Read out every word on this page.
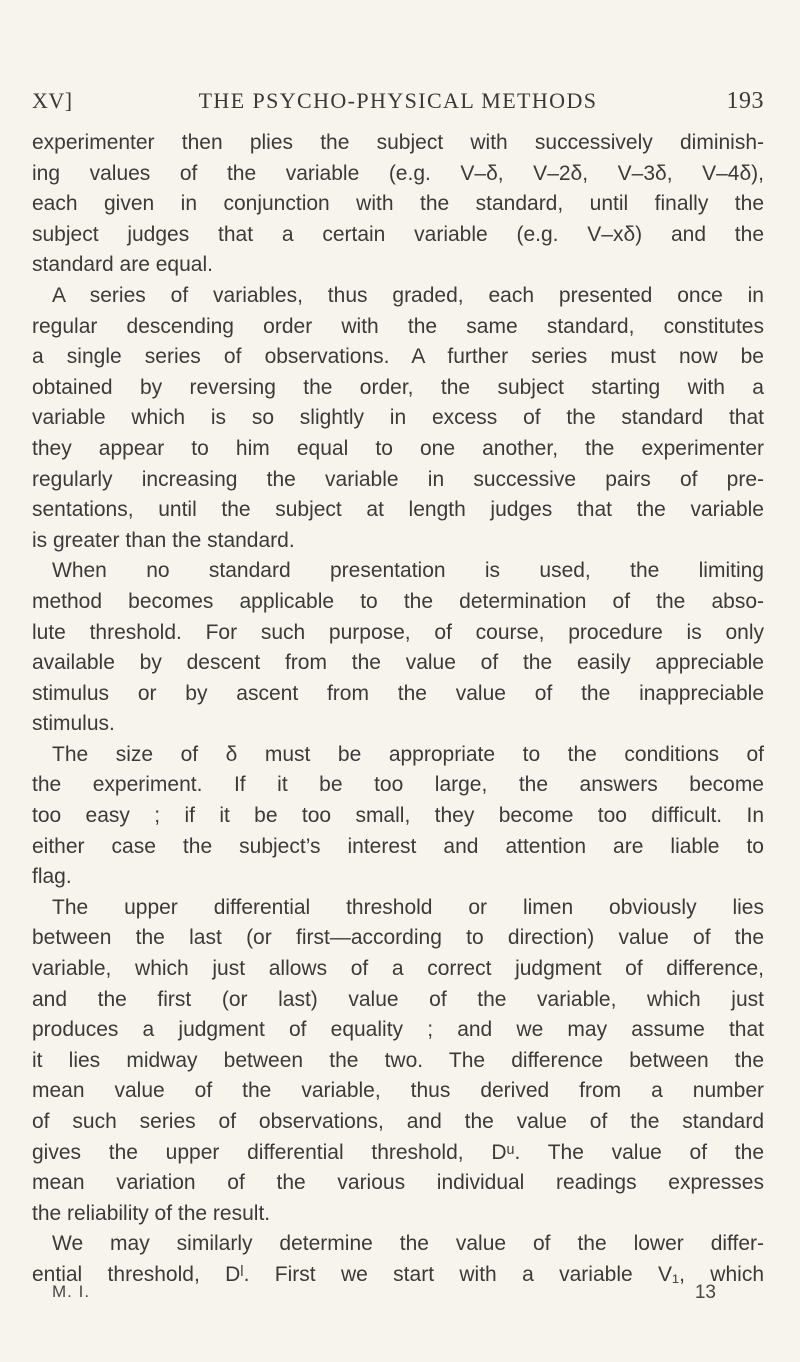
XV]	THE PSYCHO-PHYSICAL METHODS	193
experimenter then plies the subject with successively diminish-
ing values of the variable (e.g. V–δ, V–2δ, V–3δ, V–4δ),
each given in conjunction with the standard, until finally the
subject judges that a certain variable (e.g. V–xδ) and the
standard are equal.
A series of variables, thus graded, each presented once in
regular descending order with the same standard, constitutes
a single series of observations. A further series must now be
obtained by reversing the order, the subject starting with a
variable which is so slightly in excess of the standard that
they appear to him equal to one another, the experimenter
regularly increasing the variable in successive pairs of pre-
sentations, until the subject at length judges that the variable
is greater than the standard.
When no standard presentation is used, the limiting
method becomes applicable to the determination of the abso-
lute threshold. For such purpose, of course, procedure is only
available by descent from the value of the easily appreciable
stimulus or by ascent from the value of the inappreciable
stimulus.
The size of δ must be appropriate to the conditions of
the experiment. If it be too large, the answers become
too easy ; if it be too small, they become too difficult. In
either case the subject’s interest and attention are liable to
flag.
The upper differential threshold or limen obviously lies
between the last (or first—according to direction) value of the
variable, which just allows of a correct judgment of difference,
and the first (or last) value of the variable, which just
produces a judgment of equality ; and we may assume that
it lies midway between the two. The difference between the
mean value of the variable, thus derived from a number
of such series of observations, and the value of the standard
gives the upper differential threshold, Dᵘ. The value of the
mean variation of the various individual readings expresses
the reliability of the result.
We may similarly determine the value of the lower differ-
ential threshold, Dˡ. First we start with a variable V₁, which
M. I.	13
